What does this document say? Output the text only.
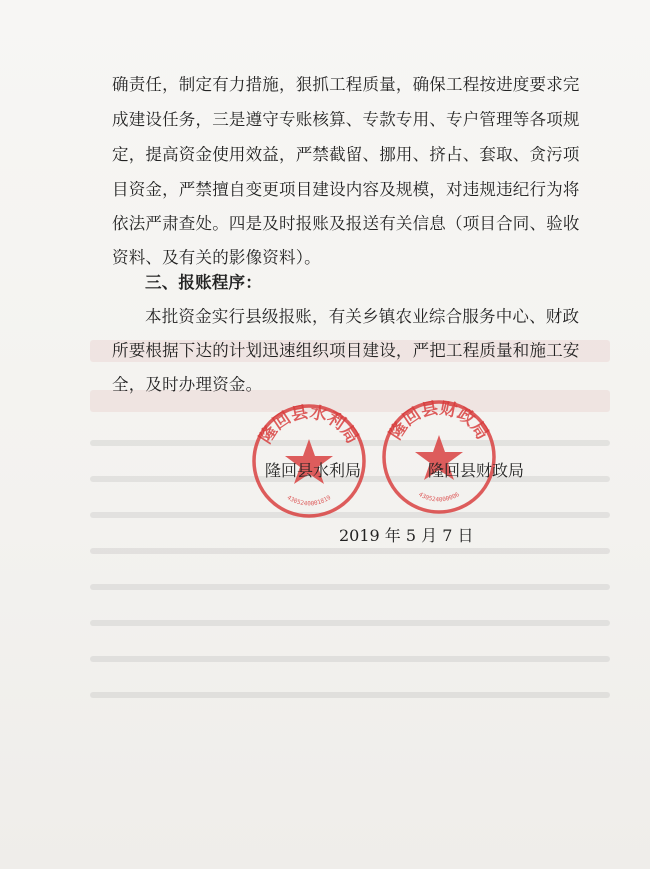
确责任，制定有力措施，狠抓工程质量，确保工程按进度要求完
成建设任务，三是遵守专账核算、专款专用、专户管理等各项规
定，提高资金使用效益，严禁截留、挪用、挤占、套取、贪污项
目资金，严禁擅自变更项目建设内容及规模，对违规违纪行为将
依法严肃查处。四是及时报账及报送有关信息（项目合同、验收
资料、及有关的影像资料）。
三、报账程序：
本批资金实行县级报账，有关乡镇农业综合服务中心、财政
所要根据下达的计划迅速组织项目建设，严把工程质量和施工安
全，及时办理资金。
隆回县水利局
4305240001819
隆回县财政局
430524000006
隆回县水利局	隆回县财政局
2019 年 5 月 7 日
